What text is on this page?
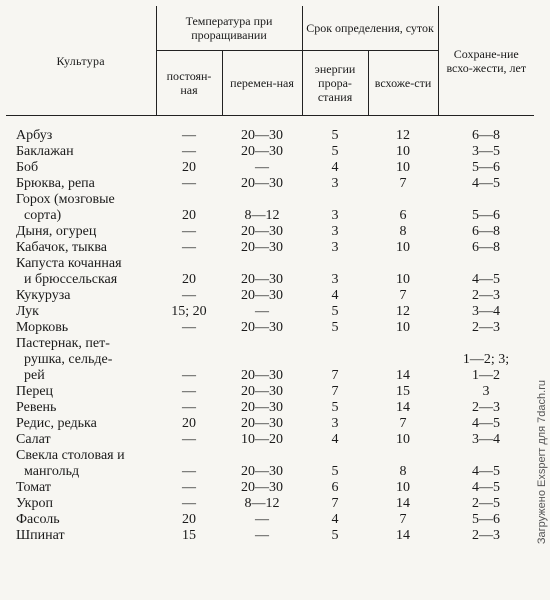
Культура	Температура при проращивании		Срок определения, суток		Сохране-ние всхо-жести, лет
	постоян-ная	перемен-ная	энергии прора-стания	всхоже-сти	

Арбуз	—	20—30	5	12	6—8

Баклажан	—	20—30	5	10	3—5

Боб	20	—	4	10	5—6

Брюква, репа	—	20—30	3	7	4—5

Горох (мозговые
сорта)	20	8—12	3	6	5—6

Дыня, огурец	—	20—30	3	8	6—8

Кабачок, тыква	—	20—30	3	10	6—8

Капуста кочанная
и брюссельская	20	20—30	3	10	4—5

Кукуруза	—	20—30	4	7	2—3

Лук	15; 20	—	5	12	3—4

Морковь	—	20—30	5	10	2—3

Пастернак, пет-
рушка, сельде-
рей	—	20—30	7	14	1—2; 3;
1—2

Перец	—	20—30	7	15	3

Ревень	—	20—30	5	14	2—3

Редис, редька	20	20—30	3	7	4—5

Салат	—	10—20	4	10	3—4

Свекла столовая и
мангольд	—	20—30	5	8	4—5

Томат	—	20—30	6	10	4—5

Укроп	—	8—12	7	14	2—5

Фасоль	20	—	4	7	5—6

Шпинат	15	—	5	14	2—3	Загружено Exsperт для 7dach.ru
